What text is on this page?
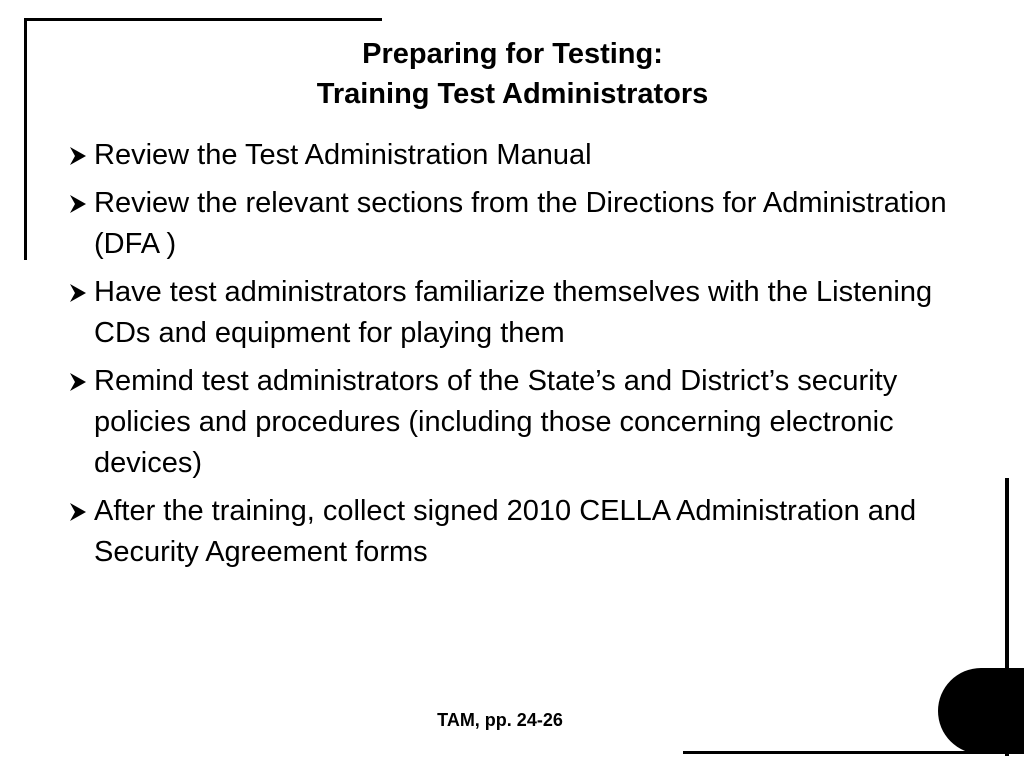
Preparing for Testing:
Training Test Administrators
Review the Test Administration Manual
Review the relevant sections from the Directions for Administration (DFA )
Have test administrators familiarize themselves with the Listening CDs and equipment for playing them
Remind test administrators of the State’s and District’s security policies and procedures (including those concerning electronic devices)
After the training, collect signed 2010 CELLA Administration and Security Agreement forms
TAM, pp. 24-26
